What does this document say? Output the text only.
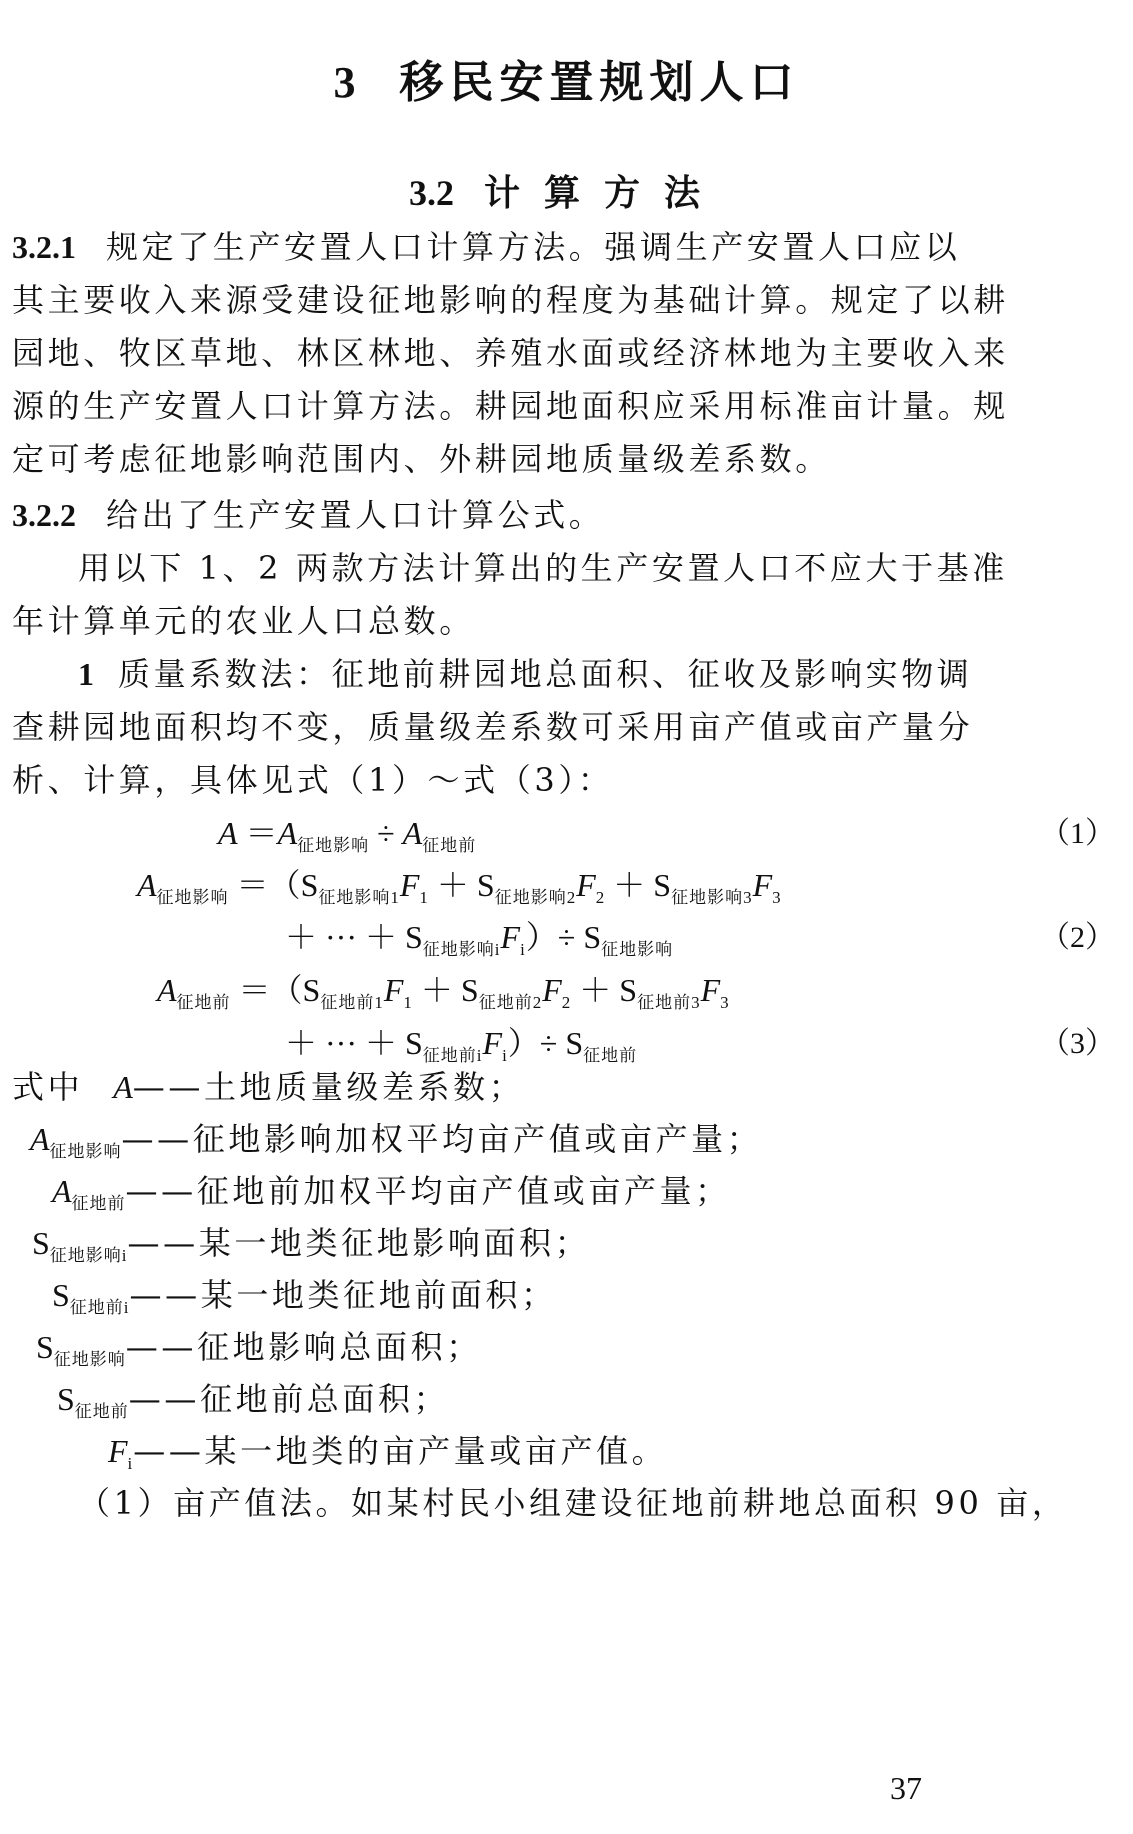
3 移民安置规划人口
3.2 计算方法
3.2.1 规定了生产安置人口计算方法。强调生产安置人口应以
其主要收入来源受建设征地影响的程度为基础计算。规定了以耕
园地、牧区草地、林区林地、养殖水面或经济林地为主要收入来
源的生产安置人口计算方法。耕园地面积应采用标准亩计量。规
定可考虑征地影响范围内、外耕园地质量级差系数。
3.2.2 给出了生产安置人口计算公式。
用以下 1、2 两款方法计算出的生产安置人口不应大于基准
年计算单元的农业人口总数。
1 质量系数法：征地前耕园地总面积、征收及影响实物调
查耕园地面积均不变，质量级差系数可采用亩产值或亩产量分
析、计算，具体见式（1）～式（3）：
$A =A_{征地影响} \div A_{征地前}$	（1）
$A_{征地影响} =(S_{征地影响1}F_1 + S_{征地影响2}F_2 + S_{征地影响3}F_3$
＋ ··· ＋ $S_{征地影响i}F_i)\div S_{征地影响}$	（2）
$A_{征地前} =(S_{征地前1}F_1 + S_{征地前2}F_2 + S_{征地前3}F_3$
＋ ··· ＋ $S_{征地前i}F_i)\div S_{征地前}$	（3）
式中 A——土地质量级差系数；
$A_{征地影响}——$征地影响加权平均亩产值或亩产量；
$A_{征地前}——$征地前加权平均亩产值或亩产量；
$S_{征地影响i}——$某一地类征地影响面积；
$S_{征地前i}——$某一地类征地前面积；
$S_{征地影响}——$征地影响总面积；
$S_{征地前}——$征地前总面积；
$F_i——$某一地类的亩产量或亩产值。
（1）亩产值法。如某村民小组建设征地前耕地总面积 90 亩，
37
